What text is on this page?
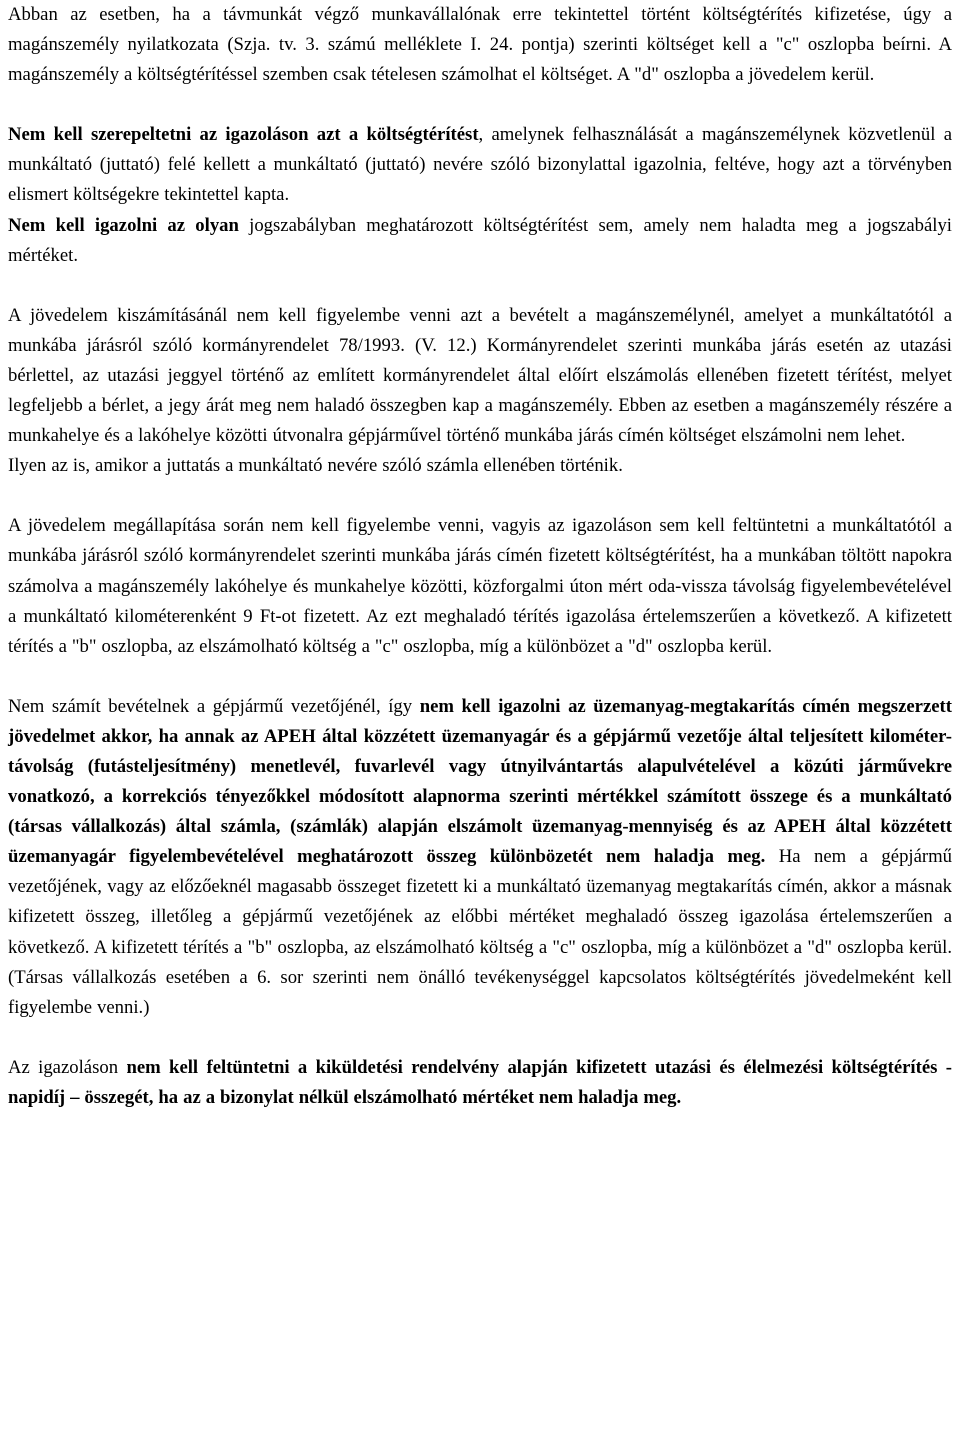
Abban az esetben, ha a távmunkát végző munkavállalónak erre tekintettel történt költségtérítés kifizetése, úgy a magánszemély nyilatkozata (Szja. tv. 3. számú melléklete I. 24. pontja) szerinti költséget kell a "c" oszlopba beírni. A magánszemély a költségtérítéssel szemben csak tételesen számolhat el költséget. A "d" oszlopba a jövedelem kerül.

Nem kell szerepeltetni az igazoláson azt a költségtérítést, amelynek felhasználását a magánszemélynek közvetlenül a munkáltató (juttató) felé kellett a munkáltató (juttató) nevére szóló bizonylattal igazolnia, feltéve, hogy azt a törvényben elismert költségekre tekintettel kapta.

Nem kell igazolni az olyan jogszabályban meghatározott költségtérítést sem, amely nem haladta meg a jogszabályi mértéket.

A jövedelem kiszámításánál nem kell figyelembe venni azt a bevételt a magánszemélynél, amelyet a munkáltatótól a munkába járásról szóló kormányrendelet 78/1993. (V. 12.) Kormányrendelet szerinti munkába járás esetén az utazási bérlettel, az utazási jeggyel történő az említett kormányrendelet által előírt elszámolás ellenében fizetett térítést, melyet legfeljebb a bérlet, a jegy árát meg nem haladó összegben kap a magánszemély. Ebben az esetben a magánszemély részére a munkahelye és a lakóhelye közötti útvonalra gépjárművel történő munkába járás címén költséget elszámolni nem lehet.

Ilyen az is, amikor a juttatás a munkáltató nevére szóló számla ellenében történik.

A jövedelem megállapítása során nem kell figyelembe venni, vagyis az igazoláson sem kell feltüntetni a munkáltatótól a munkába járásról szóló kormányrendelet szerinti munkába járás címén fizetett költségtérítést, ha a munkában töltött napokra számolva a magánszemély lakóhelye és munkahelye közötti, közforgalmi úton mért oda-vissza távolság figyelembevételével a munkáltató kilométerenként 9 Ft-ot fizetett. Az ezt meghaladó térítés igazolása értelemszerűen a következő. A kifizetett térítés a "b" oszlopba, az elszámolható költség a "c" oszlopba, míg a különbözet a "d" oszlopba kerül.

Nem számít bevételnek a gépjármű vezetőjénél, így nem kell igazolni az üzemanyag-megtakarítás címén megszerzett jövedelmet akkor, ha annak az APEH által közzétett üzemanyagár és a gépjármű vezetője által teljesített kilométer-távolság (futásteljesítmény) menetlevél, fuvarlevél vagy útnyilvántartás alapulvételével a közúti járművekre vonatkozó, a korrekciós tényezőkkel módosított alapnorma szerinti mértékkel számított összege és a munkáltató (társas vállalkozás) által számla, (számlák) alapján elszámolt üzemanyag-mennyiség és az APEH által közzétett üzemanyagár figyelembevételével meghatározott összeg különbözetét nem haladja meg. Ha nem a gépjármű vezetőjének, vagy az előzőeknél magasabb összeget fizetett ki a munkáltató üzemanyag megtakarítás címén, akkor a másnak kifizetett összeg, illetőleg a gépjármű vezetőjének az előbbi mértéket meghaladó összeg igazolása értelemszerűen a következő. A kifizetett térítés a "b" oszlopba, az elszámolható költség a "c" oszlopba, míg a különbözet a "d" oszlopba kerül. (Társas vállalkozás esetében a 6. sor szerinti nem önálló tevékenységgel kapcsolatos költségtérítés jövedelmeként kell figyelembe venni.)

Az igazoláson nem kell feltüntetni a kiküldetési rendelvény alapján kifizetett utazási és élelmezési költségtérítés - napidíj – összegét, ha az a bizonylat nélkül elszámolható mértéket nem haladja meg.
